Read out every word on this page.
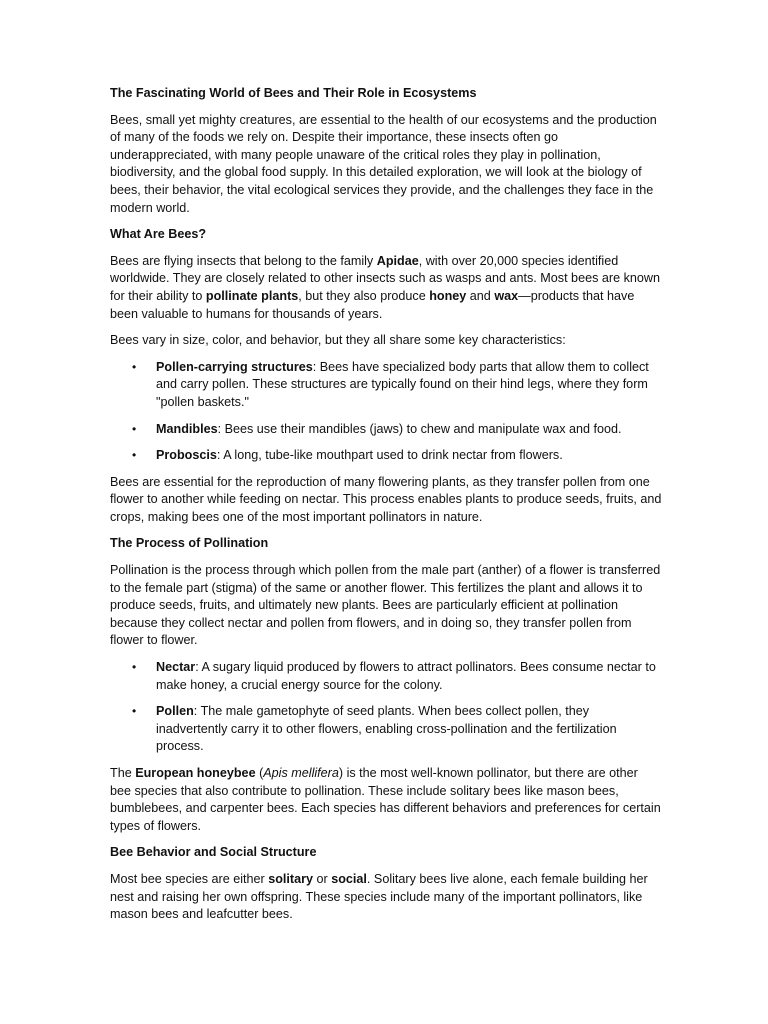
The Fascinating World of Bees and Their Role in Ecosystems

Bees, small yet mighty creatures, are essential to the health of our ecosystems and the production of many of the foods we rely on. Despite their importance, these insects often go underappreciated, with many people unaware of the critical roles they play in pollination, biodiversity, and the global food supply. In this detailed exploration, we will look at the biology of bees, their behavior, the vital ecological services they provide, and the challenges they face in the modern world.

What Are Bees?

Bees are flying insects that belong to the family Apidae, with over 20,000 species identified worldwide. They are closely related to other insects such as wasps and ants. Most bees are known for their ability to pollinate plants, but they also produce honey and wax—products that have been valuable to humans for thousands of years.

Bees vary in size, color, and behavior, but they all share some key characteristics:

• Pollen-carrying structures: Bees have specialized body parts that allow them to collect and carry pollen. These structures are typically found on their hind legs, where they form "pollen baskets."
• Mandibles: Bees use their mandibles (jaws) to chew and manipulate wax and food.
• Proboscis: A long, tube-like mouthpart used to drink nectar from flowers.

Bees are essential for the reproduction of many flowering plants, as they transfer pollen from one flower to another while feeding on nectar. This process enables plants to produce seeds, fruits, and crops, making bees one of the most important pollinators in nature.

The Process of Pollination

Pollination is the process through which pollen from the male part (anther) of a flower is transferred to the female part (stigma) of the same or another flower. This fertilizes the plant and allows it to produce seeds, fruits, and ultimately new plants. Bees are particularly efficient at pollination because they collect nectar and pollen from flowers, and in doing so, they transfer pollen from flower to flower.

• Nectar: A sugary liquid produced by flowers to attract pollinators. Bees consume nectar to make honey, a crucial energy source for the colony.
• Pollen: The male gametophyte of seed plants. When bees collect pollen, they inadvertently carry it to other flowers, enabling cross-pollination and the fertilization process.

The European honeybee (Apis mellifera) is the most well-known pollinator, but there are other bee species that also contribute to pollination. These include solitary bees like mason bees, bumblebees, and carpenter bees. Each species has different behaviors and preferences for certain types of flowers.

Bee Behavior and Social Structure

Most bee species are either solitary or social. Solitary bees live alone, each female building her nest and raising her own offspring. These species include many of the important pollinators, like mason bees and leafcutter bees.
